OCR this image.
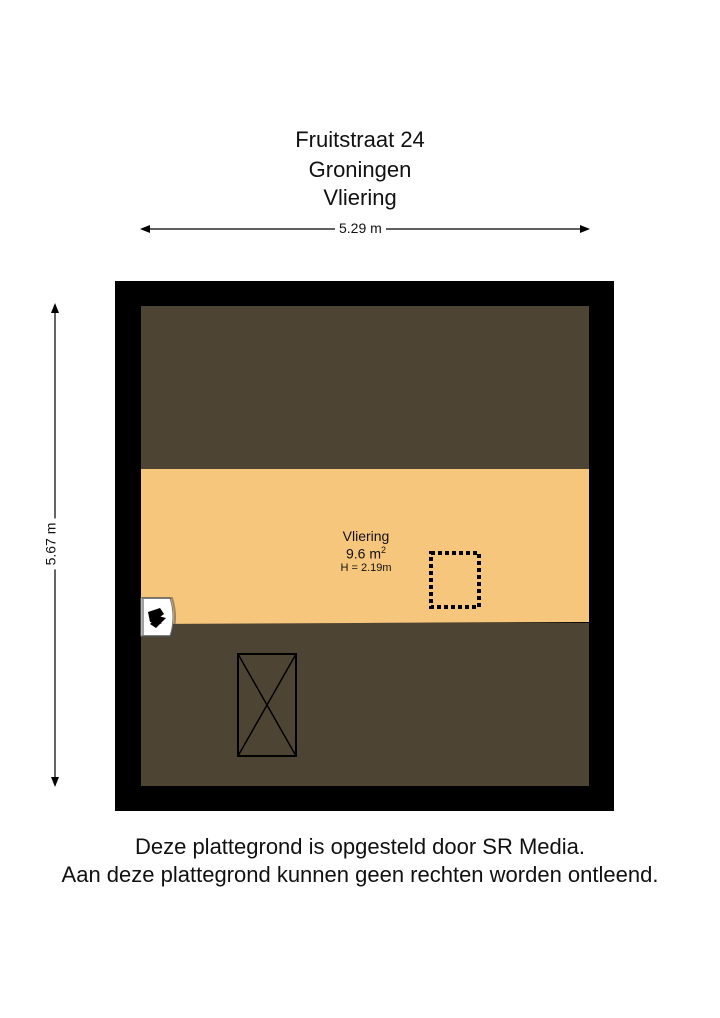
Fruitstraat 24
Groningen
Vliering
5.29 m
5.67 m	Vliering
9.6 $m^2$
H = 2.19m
Deze plattegrond is opgesteld door SR Media.
Aan deze plattegrond kunnen geen rechten worden ontleend.
